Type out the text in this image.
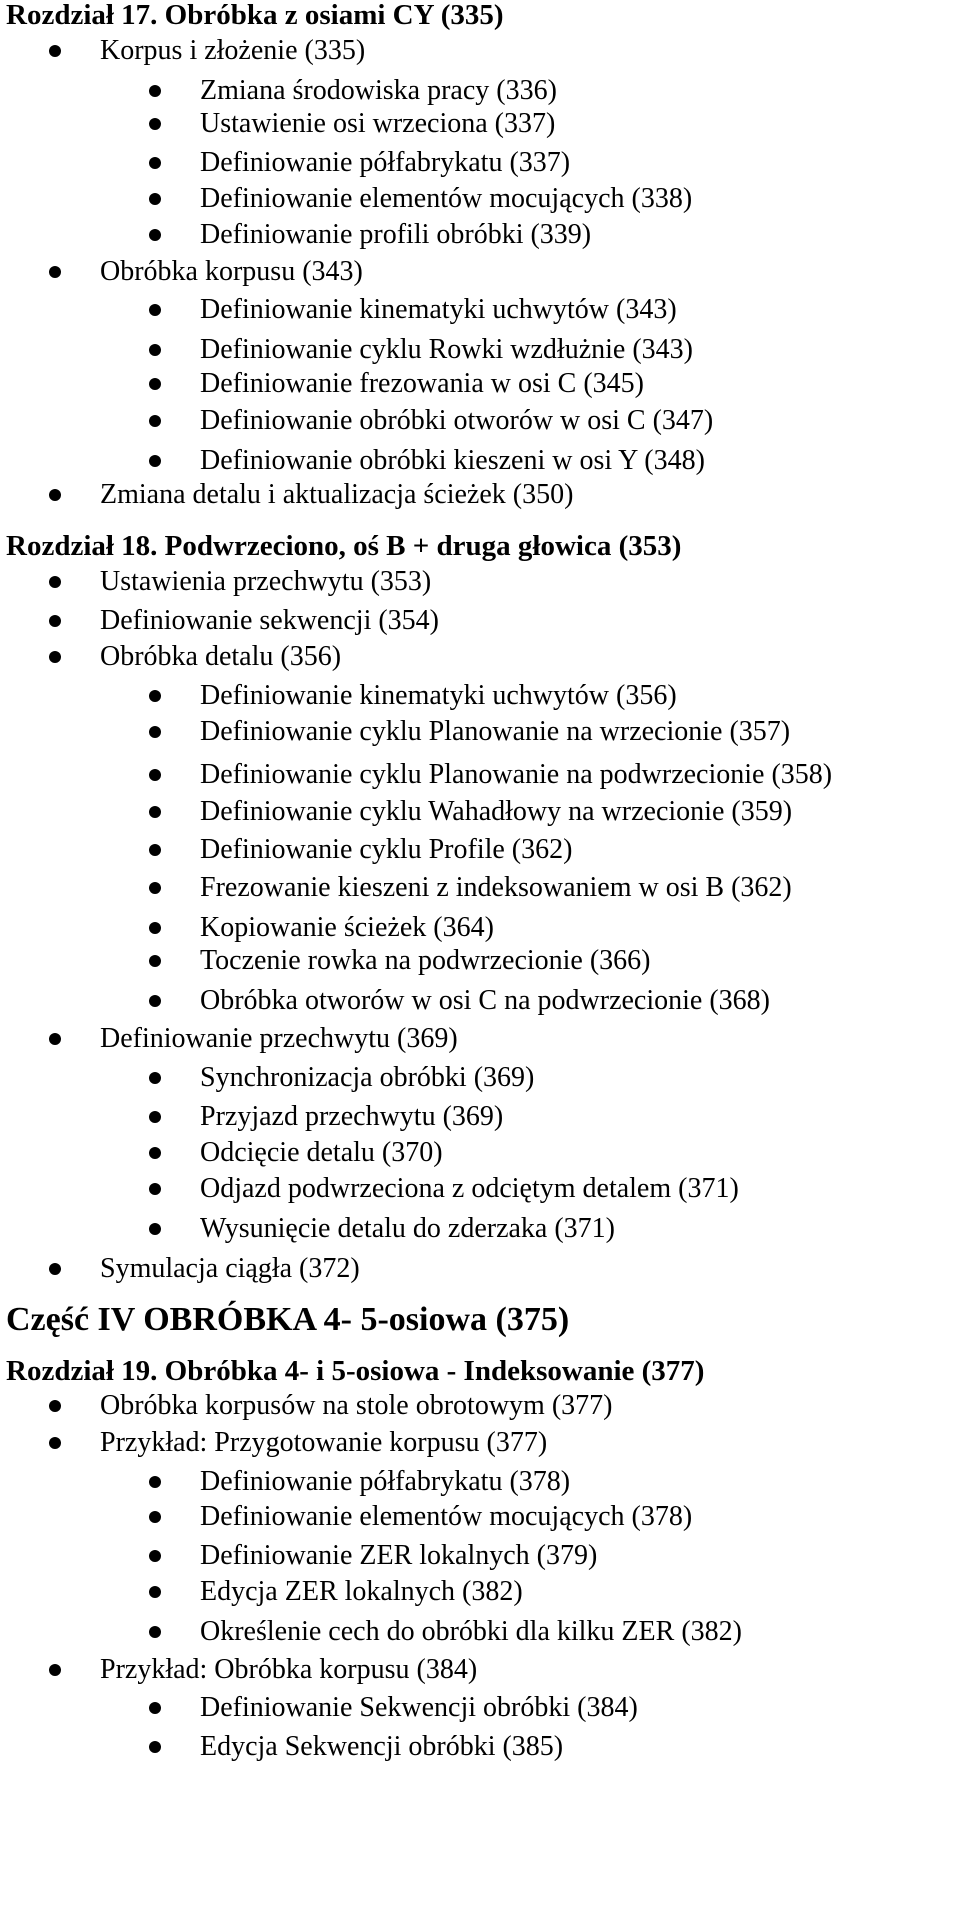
Rozdział 17. Obróbka z osiami CY (335)
Korpus i złożenie (335)
Zmiana środowiska pracy (336)
Ustawienie osi wrzeciona (337)
Definiowanie półfabrykatu (337)
Definiowanie elementów mocujących (338)
Definiowanie profili obróbki (339)
Obróbka korpusu (343)
Definiowanie kinematyki uchwytów (343)
Definiowanie cyklu Rowki wzdłużnie (343)
Definiowanie frezowania w osi C (345)
Definiowanie obróbki otworów w osi C (347)
Definiowanie obróbki kieszeni w osi Y (348)
Zmiana detalu i aktualizacja ścieżek (350)
Rozdział 18. Podwrzeciono, oś B + druga głowica (353)
Ustawienia przechwytu (353)
Definiowanie sekwencji (354)
Obróbka detalu (356)
Definiowanie kinematyki uchwytów (356)
Definiowanie cyklu Planowanie na wrzecionie (357)
Definiowanie cyklu Planowanie na podwrzecionie (358)
Definiowanie cyklu Wahadłowy na wrzecionie (359)
Definiowanie cyklu Profile (362)
Frezowanie kieszeni z indeksowaniem w osi B (362)
Kopiowanie ścieżek (364)
Toczenie rowka na podwrzecionie (366)
Obróbka otworów w osi C na podwrzecionie (368)
Definiowanie przechwytu (369)
Synchronizacja obróbki (369)
Przyjazd przechwytu (369)
Odcięcie detalu (370)
Odjazd podwrzeciona z odciętym detalem (371)
Wysunięcie detalu do zderzaka (371)
Symulacja ciągła (372)
Część IV OBRÓBKA 4- 5-osiowa (375)
Rozdział 19. Obróbka 4- i 5-osiowa - Indeksowanie (377)
Obróbka korpusów na stole obrotowym (377)
Przykład: Przygotowanie korpusu (377)
Definiowanie półfabrykatu (378)
Definiowanie elementów mocujących (378)
Definiowanie ZER lokalnych (379)
Edycja ZER lokalnych (382)
Określenie cech do obróbki dla kilku ZER (382)
Przykład: Obróbka korpusu (384)
Definiowanie Sekwencji obróbki (384)
Edycja Sekwencji obróbki (385)
